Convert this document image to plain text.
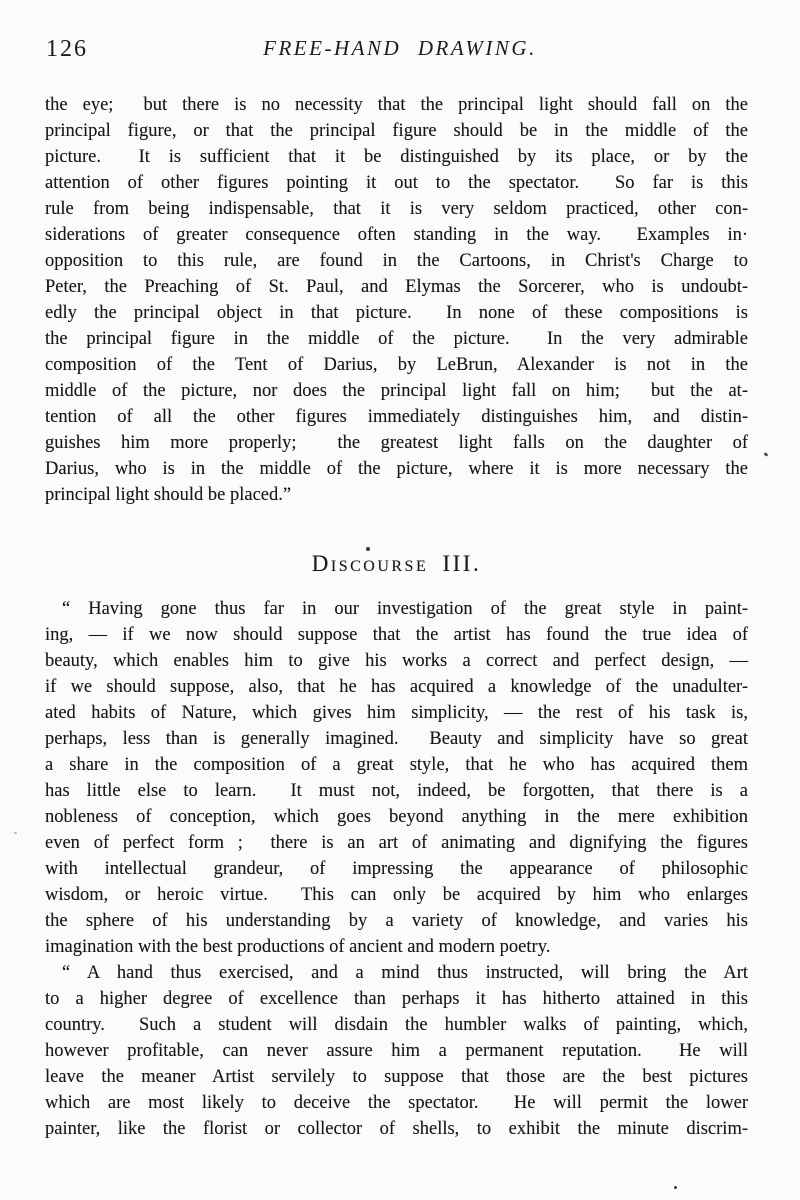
126	FREE-HAND DRAWING.
the eye;  but there is no necessity that the principal light should fall on the
principal figure, or that the principal figure should be in the middle of the
picture.  It is sufficient that it be distinguished by its place, or by the
attention of other figures pointing it out to the spectator.  So far is this
rule from being indispensable, that it is very seldom practiced, other con-
siderations of greater consequence often standing in the way.  Examples in·
opposition to this rule, are found in the Cartoons, in Christ's Charge to
Peter, the Preaching of St. Paul, and Elymas the Sorcerer, who is undoubt-
edly the principal object in that picture.  In none of these compositions is
the principal figure in the middle of the picture.  In the very admirable
composition of the Tent of Darius, by LeBrun, Alexander is not in the
middle of the picture, nor does the principal light fall on him;  but the at-
tention of all the other figures immediately distinguishes him, and distin-
guishes him more properly;  the greatest light falls on the daughter of
Darius, who is in the middle of the picture, where it is more necessary the
principal light should be placed.”
Discourse III.
“ Having gone thus far in our investigation of the great style in paint-
ing, — if we now should suppose that the artist has found the true idea of
beauty, which enables him to give his works a correct and perfect design, —
if we should suppose, also, that he has acquired a knowledge of the unadulter-
ated habits of Nature, which gives him simplicity, — the rest of his task is,
perhaps, less than is generally imagined.  Beauty and simplicity have so great
a share in the composition of a great style, that he who has acquired them
has little else to learn.  It must not, indeed, be forgotten, that there is a
nobleness of conception, which goes beyond anything in the mere exhibition
even of perfect form ;  there is an art of animating and dignifying the figures
with intellectual grandeur, of impressing the appearance of philosophic
wisdom, or heroic virtue.  This can only be acquired by him who enlarges
the sphere of his understanding by a variety of knowledge, and varies his
imagination with the best productions of ancient and modern poetry.
“ A hand thus exercised, and a mind thus instructed, will bring the Art
to a higher degree of excellence than perhaps it has hitherto attained in this
country.  Such a student will disdain the humbler walks of painting, which,
however profitable, can never assure him a permanent reputation.  He will
leave the meaner Artist servilely to suppose that those are the best pictures
which are most likely to deceive the spectator.  He will permit the lower
painter, like the florist or collector of shells, to exhibit the minute discrim-
